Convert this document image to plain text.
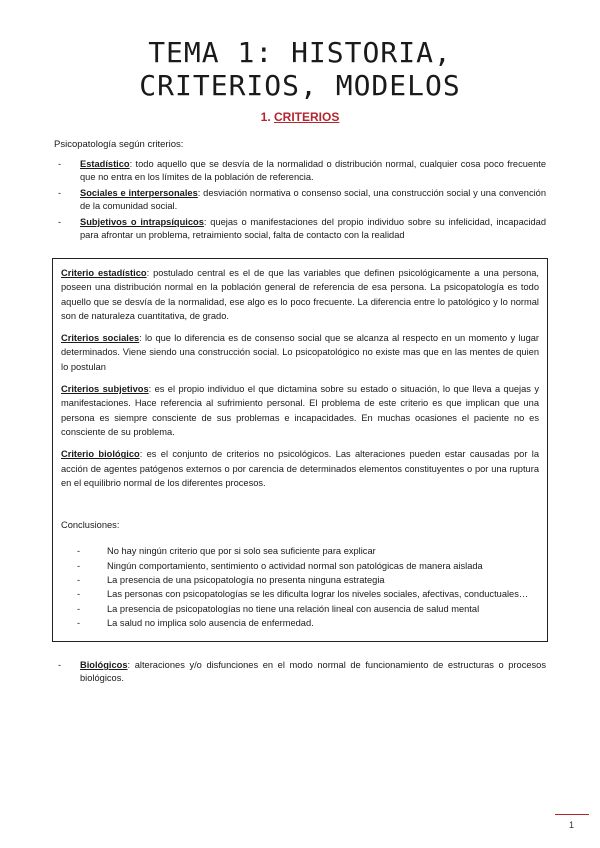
TEMA 1: HISTORIA,
CRITERIOS, MODELOS
1. CRITERIOS
Psicopatología según criterios:
-	Estadístico: todo aquello que se desvía de la normalidad o distribución normal, cualquier cosa poco frecuente que no entra en los límites de la población de referencia.
-	Sociales e interpersonales: desviación normativa o consenso social, una construcción social y una convención de la comunidad social.
-	Subjetivos o intrapsíquicos: quejas o manifestaciones del propio individuo sobre su infelicidad, incapacidad para afrontar un problema, retraimiento social, falta de contacto con la realidad

Criterio estadístico: postulado central es el de que las variables que definen psicológicamente a una persona, poseen una distribución normal en la población general de referencia de esa persona. La psicopatología es todo aquello que se desvía de la normalidad, ese algo es lo poco frecuente. La diferencia entre lo patológico y lo normal son de naturaleza cuantitativa, de grado.

Criterios sociales: lo que lo diferencia es de consenso social que se alcanza al respecto en un momento y lugar determinados. Viene siendo una construcción social. Lo psicopatológico no existe mas que en las mentes de quien lo postulan

Criterios subjetivos: es el propio individuo el que dictamina sobre su estado o situación, lo que lleva a quejas y manifestaciones. Hace referencia al sufrimiento personal. El problema de este criterio es que implican que una persona es siempre consciente de sus problemas e incapacidades. En muchas ocasiones el paciente no es consciente de su problema.

Criterio biológico: es el conjunto de criterios no psicológicos. Las alteraciones pueden estar causadas por la acción de agentes patógenos externos o por carencia de determinados elementos constituyentes o por una ruptura en el equilibrio normal de los diferentes procesos.

Conclusiones:

-	No hay ningún criterio que por si solo sea suficiente para explicar
-	Ningún comportamiento, sentimiento o actividad normal son patológicas de manera aislada
-	La presencia de una psicopatología no presenta ninguna estrategia
-	Las personas con psicopatologías se les dificulta lograr los niveles sociales, afectivas, conductuales…
-	La presencia de psicopatologías no tiene una relación lineal con ausencia de salud mental
-	La salud no implica solo ausencia de enfermedad.
-	Biológicos: alteraciones y/o disfunciones en el modo normal de funcionamiento de estructuras o procesos biológicos.
1
